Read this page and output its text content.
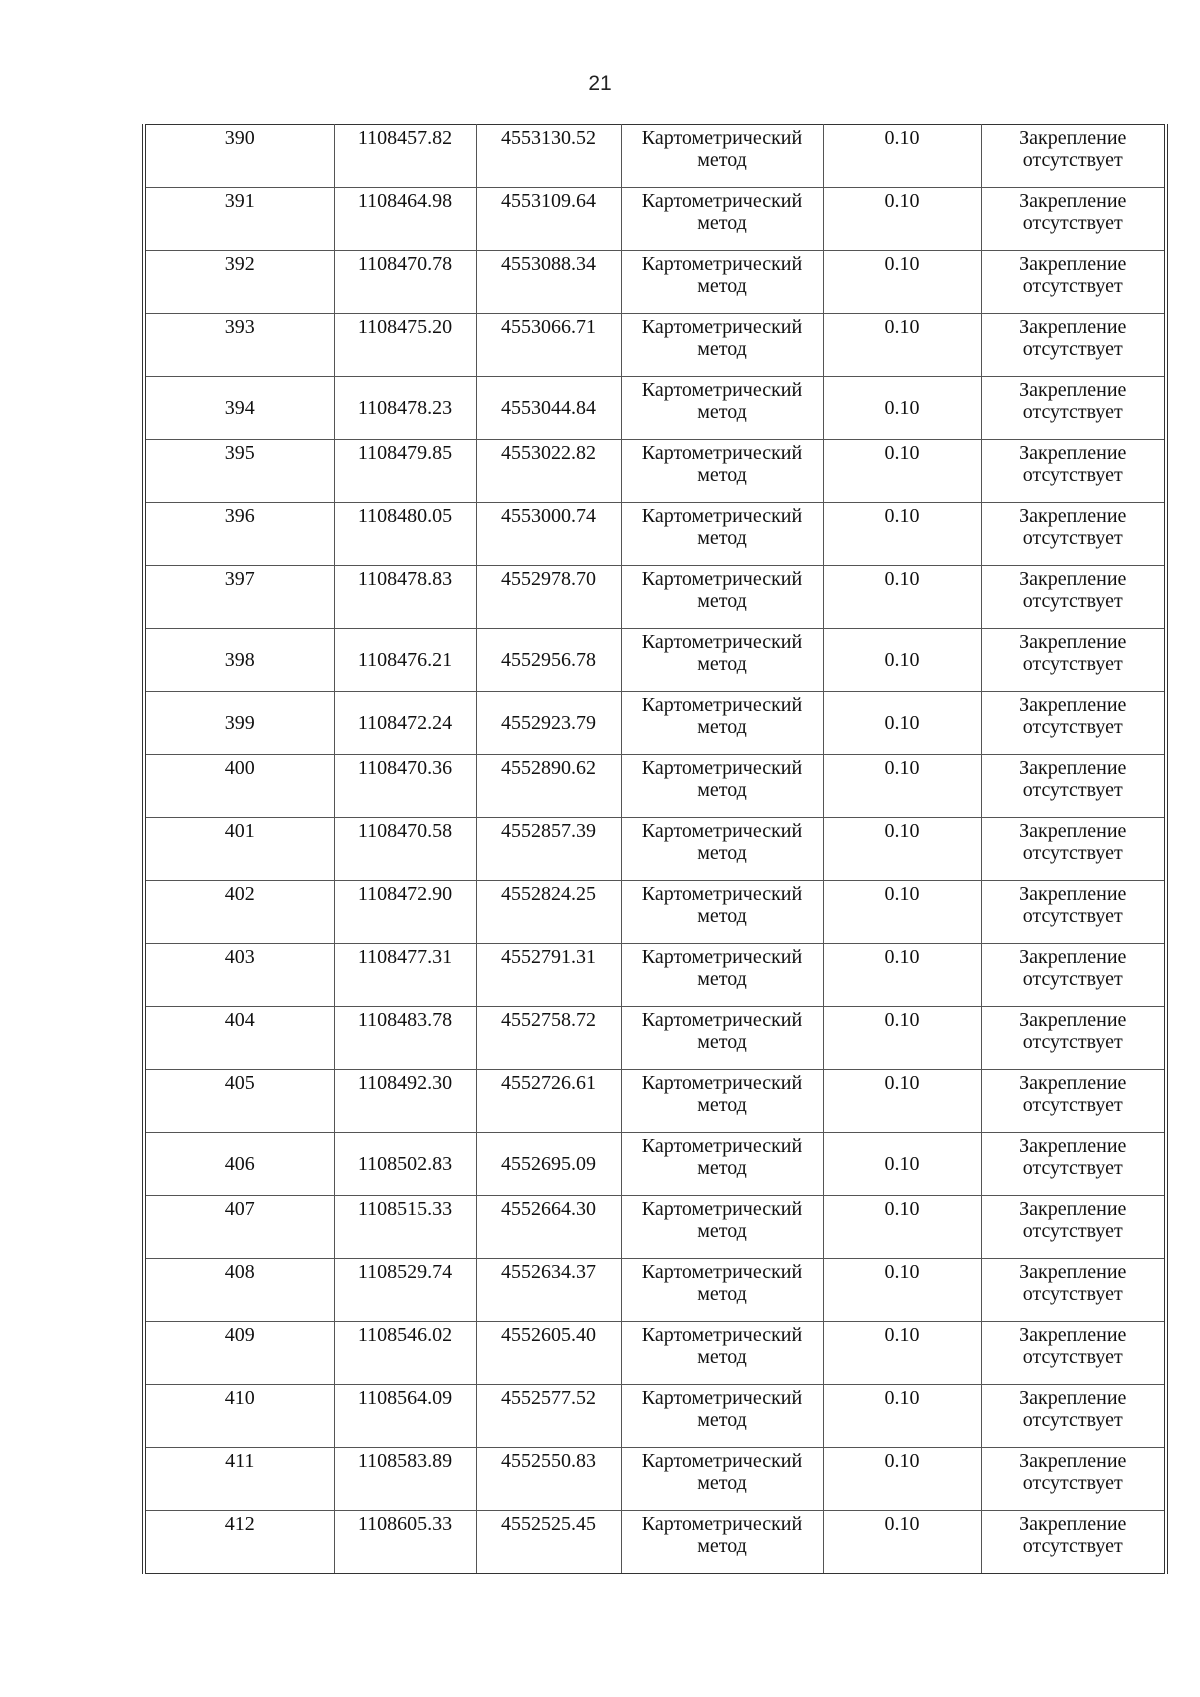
21
390	1108457.82	4553130.52	Картометрический метод	0.10	Закрепление отсутствует
391	1108464.98	4553109.64	Картометрический метод	0.10	Закрепление отсутствует
392	1108470.78	4553088.34	Картометрический метод	0.10	Закрепление отсутствует
393	1108475.20	4553066.71	Картометрический метод	0.10	Закрепление отсутствует
394	1108478.23	4553044.84	Картометрический метод	0.10	Закрепление отсутствует
395	1108479.85	4553022.82	Картометрический метод	0.10	Закрепление отсутствует
396	1108480.05	4553000.74	Картометрический метод	0.10	Закрепление отсутствует
397	1108478.83	4552978.70	Картометрический метод	0.10	Закрепление отсутствует
398	1108476.21	4552956.78	Картометрический метод	0.10	Закрепление отсутствует
399	1108472.24	4552923.79	Картометрический метод	0.10	Закрепление отсутствует
400	1108470.36	4552890.62	Картометрический метод	0.10	Закрепление отсутствует
401	1108470.58	4552857.39	Картометрический метод	0.10	Закрепление отсутствует
402	1108472.90	4552824.25	Картометрический метод	0.10	Закрепление отсутствует
403	1108477.31	4552791.31	Картометрический метод	0.10	Закрепление отсутствует
404	1108483.78	4552758.72	Картометрический метод	0.10	Закрепление отсутствует
405	1108492.30	4552726.61	Картометрический метод	0.10	Закрепление отсутствует
406	1108502.83	4552695.09	Картометрический метод	0.10	Закрепление отсутствует
407	1108515.33	4552664.30	Картометрический метод	0.10	Закрепление отсутствует
408	1108529.74	4552634.37	Картометрический метод	0.10	Закрепление отсутствует
409	1108546.02	4552605.40	Картометрический метод	0.10	Закрепление отсутствует
410	1108564.09	4552577.52	Картометрический метод	0.10	Закрепление отсутствует
411	1108583.89	4552550.83	Картометрический метод	0.10	Закрепление отсутствует
412	1108605.33	4552525.45	Картометрический метод	0.10	Закрепление отсутствует
